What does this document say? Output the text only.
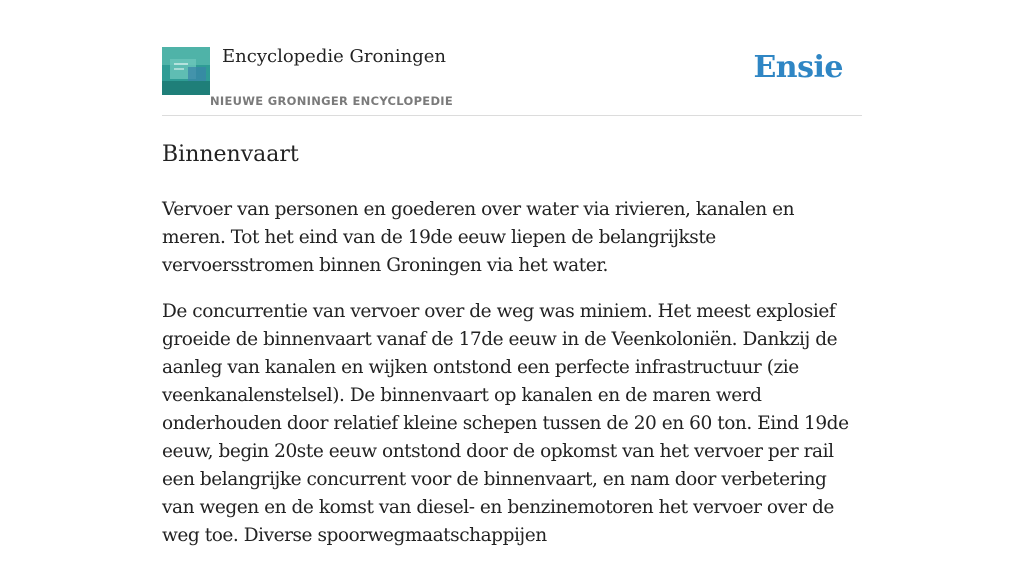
Encyclopedie Groningen
NIEUWE GRONINGER ENCYCLOPEDIE
Ensie
Binnenvaart

Vervoer van personen en goederen over water via rivieren, kanalen en meren. Tot het eind van de 19de eeuw liepen de belangrijkste vervoersstromen binnen Groningen via het water.

De concurrentie van vervoer over de weg was miniem. Het meest explosief groeide de binnenvaart vanaf de 17de eeuw in de Veenkoloniën. Dankzij de aanleg van kanalen en wijken ontstond een perfecte infrastructuur (zie veenkanalenstelsel). De binnenvaart op kanalen en de maren werd onderhouden door relatief kleine schepen tussen de 20 en 60 ton. Eind 19de eeuw, begin 20ste eeuw ontstond door de opkomst van het vervoer per rail een belangrijke concurrent voor de binnenvaart, en nam door verbetering van wegen en de komst van diesel- en benzinemotoren het vervoer over de weg toe. Diverse spoorwegmaatschappijen
